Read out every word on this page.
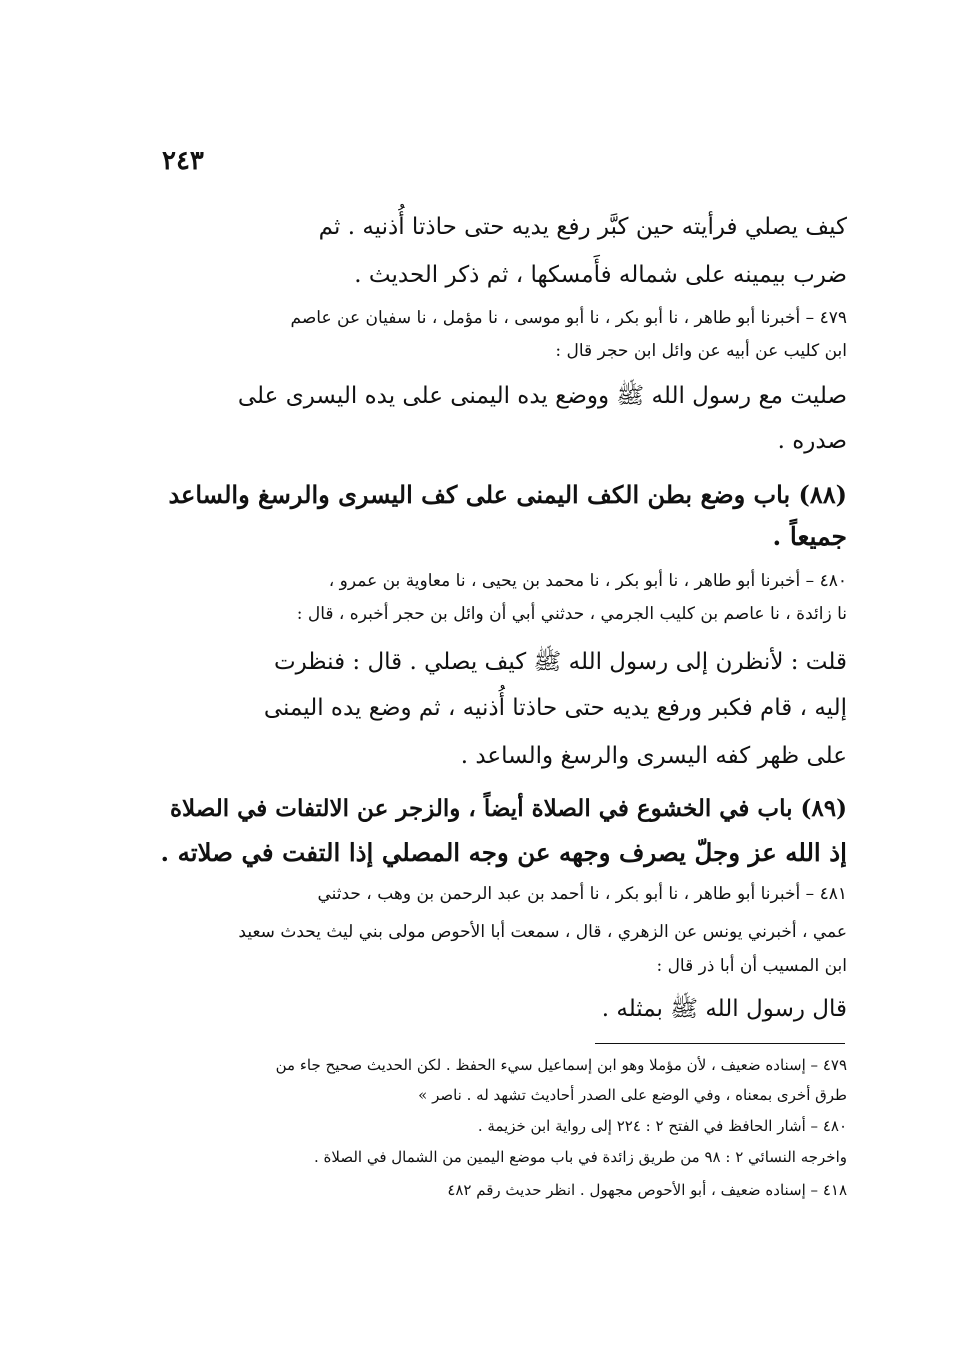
٢٤٣
كيف يصلي فرأيته حين كبَّر رفع يديه حتى حاذتا أُذنيه . ثم
ضرب بيمينه على شماله فأَمسكها ، ثم ذكر الحديث .
٤٧٩ – أخبرنا أبو طاهر ، نا أبو بكر ، نا أبو موسى ، نا مؤمل ، نا سفيان عن عاصم
ابن كليب عن أبيه عن وائل ابن حجر قال :
صليت مع رسول الله ﷺ ووضع يده اليمنى على يده اليسرى على
صدره .
(٨٨) باب وضع بطن الكف اليمنى على كف اليسرى والرسغ والساعد
جميعاً .
٤٨٠ – أخبرنا أبو طاهر ، نا أبو بكر ، نا محمد بن يحيى ، نا معاوية بن عمرو ،
نا زائدة ، نا عاصم بن كليب الجرمي ، حدثني أبي أن وائل بن حجر أخبره ، قال :
قلت : لأنظرن إلى رسول الله ﷺ كيف يصلي . قال : فنظرت
إليه ، قام فكبر ورفع يديه حتى حاذتا أُذنيه ، ثم وضع يده اليمنى
على ظهر كفه اليسرى والرسغ والساعد .
(٨٩) باب في الخشوع في الصلاة أيضاً ، والزجر عن الالتفات في الصلاة
إذ الله عز وجلّ يصرف وجهه عن وجه المصلي إذا التفت في صلاته .
٤٨١ – أخبرنا أبو طاهر ، نا أبو بكر ، نا أحمد بن عبد الرحمن بن وهب ، حدثني
عمي ، أخبرني يونس عن الزهري ، قال ، سمعت أبا الأحوص مولى بني ليث يحدث سعيد
ابن المسيب أن أبا ذر قال :
قال رسول الله ﷺ بمثله .
٤٧٩ – إسناده ضعيف ، لأن مؤملا وهو ابن إسماعيل سيء الحفظ . لكن الحديث صحيح جاء من
طرق أخرى بمعناه ، وفي الوضع على الصدر أحاديث تشهد له . ناصر »
٤٨٠ – أشار الحافظ في الفتح ٢ : ٢٢٤ إلى رواية ابن خزيمة .
واخرجه النسائي ٢ : ٩٨ من طريق زائدة في باب موضع اليمين من الشمال في الصلاة .
٤١٨ – إسناده ضعيف ، أبو الأحوص مجهول . انظر حديث رقم ٤٨٢
